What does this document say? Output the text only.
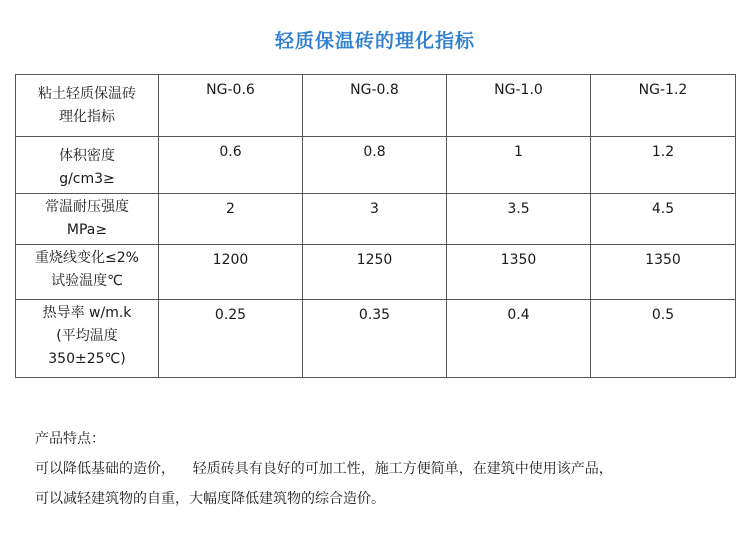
轻质保温砖的理化指标
粘土轻质保温砖
理化指标	NG-0.6	NG-0.8	NG-1.0	NG-1.2

体积密度
g/cm3≥	0.6	0.8	1	1.2

常温耐压强度
MPa≥	2	3	3.5	4.5

重烧线变化≤2%
试验温度℃	1200	1250	1350	1350

热导率 w/m.k
(平均温度
350±25℃)	0.25	0.35	0.4	0.5

产品特点：

可以降低基础的造价，    轻质砖具有良好的可加工性，施工方便简单，在建筑中使用该产品，

可以减轻建筑物的自重，大幅度降低建筑物的综合造价。
